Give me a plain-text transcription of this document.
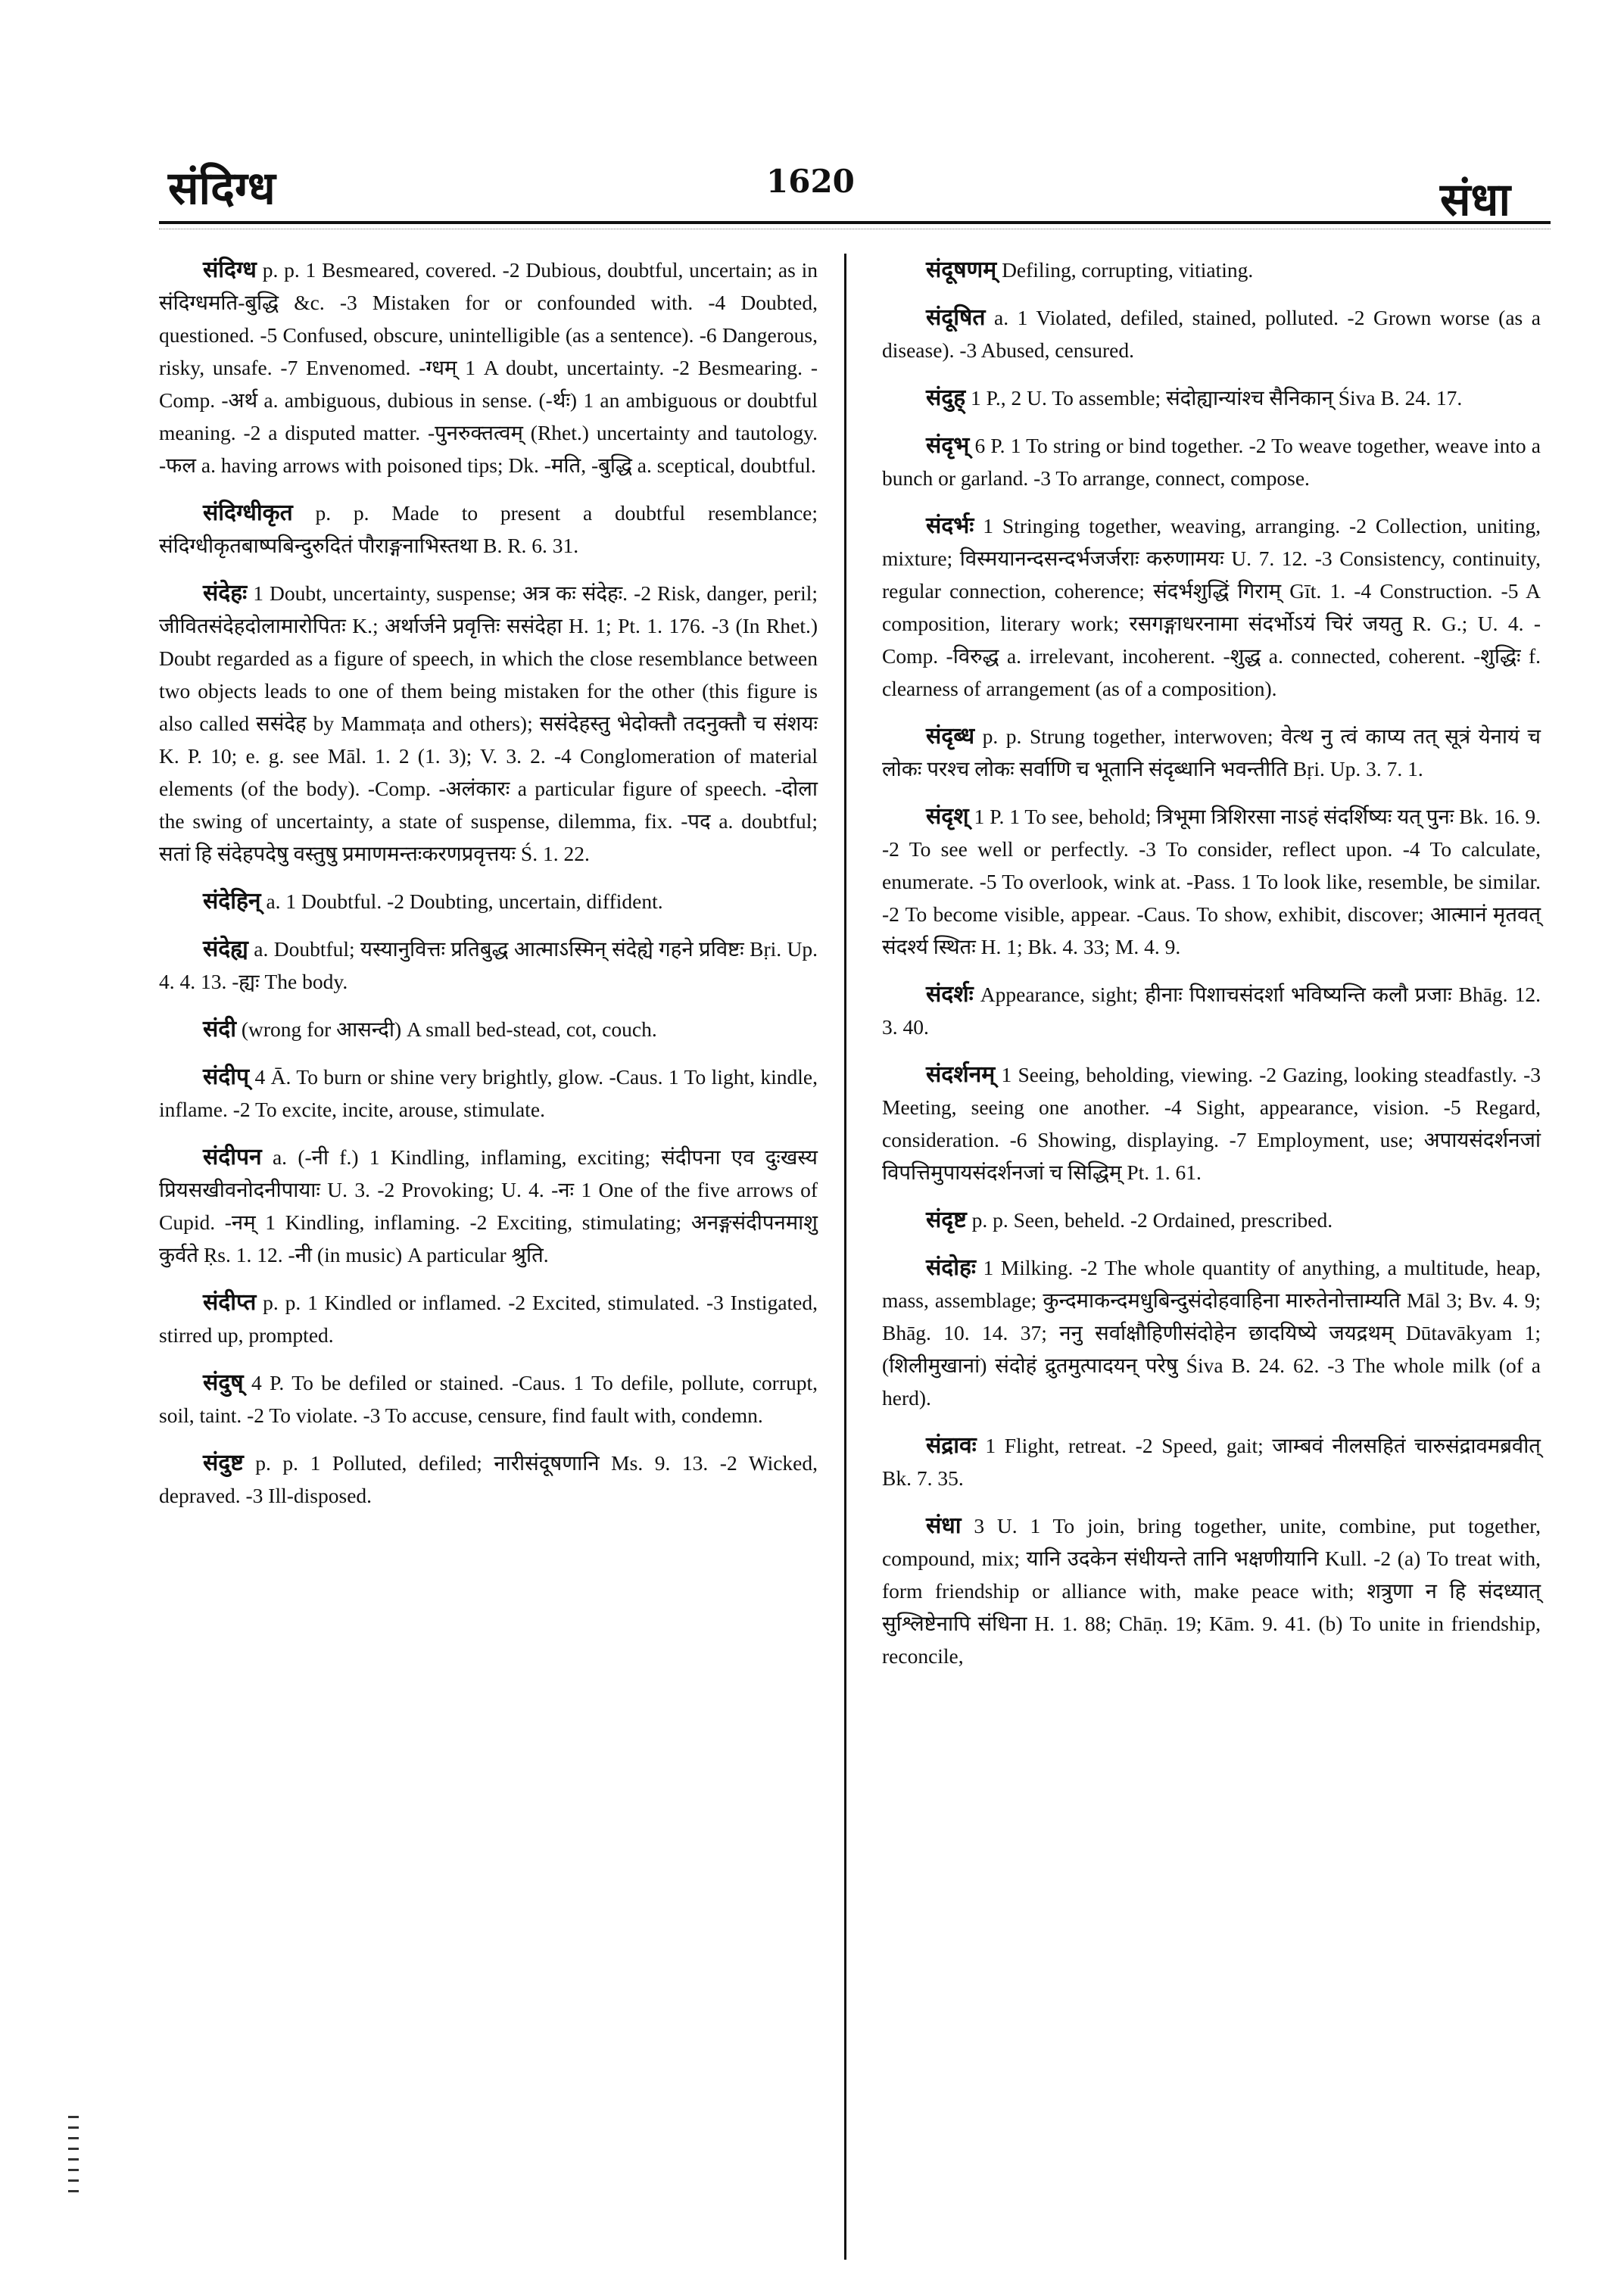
संदिग्ध	1620	संधा

संदिग्ध p. p. 1 Besmeared, covered. -2 Dubious, doubtful, uncertain; as in संदिग्धमति-बुद्धि &c. -3 Mistaken for or confounded with. -4 Doubted, questioned. -5 Confused, obscure, unintelligible (as a sentence). -6 Dangerous, risky, unsafe. -7 Envenomed. -ग्धम् 1 A doubt, uncertainty. -2 Besmearing. -Comp. -अर्थ a. ambiguous, dubious in sense. (-र्थः) 1 an ambiguous or doubtful meaning. -2 a disputed matter. -पुनरुक्तत्वम् (Rhet.) uncertainty and tautology. -फल a. having arrows with poisoned tips; Dk. -मति, -बुद्धि a. sceptical, doubtful.

संदिग्धीकृत p. p. Made to present a doubtful resemblance; संदिग्धीकृतबाष्पबिन्दुरुदितं पौराङ्गनाभिस्तथा B. R. 6. 31.

संदेहः 1 Doubt, uncertainty, suspense; अत्र कः संदेहः. -2 Risk, danger, peril; जीवितसंदेहदोलामारोपितः K.; अर्थार्जने प्रवृत्तिः ससंदेहा H. 1; Pt. 1. 176. -3 (In Rhet.) Doubt regarded as a figure of speech, in which the close resemblance between two objects leads to one of them being mistaken for the other (this figure is also called ससंदेह by Mammaṭa and others); ससंदेहस्तु भेदोक्तौ तदनुक्तौ च संशयः K. P. 10; e. g. see Māl. 1. 2 (1. 3); V. 3. 2. -4 Conglomeration of material elements (of the body). -Comp. -अलंकारः a particular figure of speech. -दोला the swing of uncertainty, a state of suspense, dilemma, fix. -पद a. doubtful; सतां हि संदेहपदेषु वस्तुषु प्रमाणमन्तःकरणप्रवृत्तयः Ś. 1. 22.

संदेहिन् a. 1 Doubtful. -2 Doubting, uncertain, diffident.

संदेह्य a. Doubtful; यस्यानुवित्तः प्रतिबुद्ध आत्माऽस्मिन् संदेह्ये गहने प्रविष्टः Bṛi. Up. 4. 4. 13. -ह्यः The body.

संदी (wrong for आसन्दी) A small bed-stead, cot, couch.

संदीप् 4 Ā. To burn or shine very brightly, glow. -Caus. 1 To light, kindle, inflame. -2 To excite, incite, arouse, stimulate.

संदीपन a. (-नी f.) 1 Kindling, inflaming, exciting; संदीपना एव दुःखस्य प्रियसखीवनोदनीपायाः U. 3. -2 Provoking; U. 4. -नः 1 One of the five arrows of Cupid. -नम् 1 Kindling, inflaming. -2 Exciting, stimulating; अनङ्गसंदीपनमाशु कुर्वते Ṛs. 1. 12. -नी (in music) A particular श्रुति.

संदीप्त p. p. 1 Kindled or inflamed. -2 Excited, stimulated. -3 Instigated, stirred up, prompted.

संदुष् 4 P. To be defiled or stained. -Caus. 1 To defile, pollute, corrupt, soil, taint. -2 To violate. -3 To accuse, censure, find fault with, condemn.

संदुष्ट p. p. 1 Polluted, defiled; नारीसंदूषणानि Ms. 9. 13. -2 Wicked, depraved. -3 Ill-disposed.

संदूषणम् Defiling, corrupting, vitiating.

संदूषित a. 1 Violated, defiled, stained, polluted. -2 Grown worse (as a disease). -3 Abused, censured.

संदुह् 1 P., 2 U. To assemble; संदोह्यान्यांश्च सैनिकान् Śiva B. 24. 17.

संदृभ् 6 P. 1 To string or bind together. -2 To weave together, weave into a bunch or garland. -3 To arrange, connect, compose.

संदर्भः 1 Stringing together, weaving, arranging. -2 Collection, uniting, mixture; विस्मयानन्दसन्दर्भजर्जराः करुणामयः U. 7. 12. -3 Consistency, continuity, regular connection, coherence; संदर्भशुद्धिं गिराम् Gīt. 1. -4 Construction. -5 A composition, literary work; रसगङ्गाधरनामा संदर्भोऽयं चिरं जयतु R. G.; U. 4. -Comp. -विरुद्ध a. irrelevant, incoherent. -शुद्ध a. connected, coherent. -शुद्धिः f. clearness of arrangement (as of a composition).

संदृब्ध p. p. Strung together, interwoven; वेत्थ नु त्वं काप्य तत् सूत्रं येनायं च लोकः परश्च लोकः सर्वाणि च भूतानि संदृब्धानि भवन्तीति Bṛi. Up. 3. 7. 1.

संदृश् 1 P. 1 To see, behold; त्रिभूमा त्रिशिरसा नाऽहं संदर्शिष्यः यत् पुनः Bk. 16. 9. -2 To see well or perfectly. -3 To consider, reflect upon. -4 To calculate, enumerate. -5 To overlook, wink at. -Pass. 1 To look like, resemble, be similar. -2 To become visible, appear. -Caus. To show, exhibit, discover; आत्मानं मृतवत् संदर्श्य स्थितः H. 1; Bk. 4. 33; M. 4. 9.

संदर्शः Appearance, sight; हीनाः पिशाचसंदर्शा भविष्यन्ति कलौ प्रजाः Bhāg. 12. 3. 40.

संदर्शनम् 1 Seeing, beholding, viewing. -2 Gazing, looking steadfastly. -3 Meeting, seeing one another. -4 Sight, appearance, vision. -5 Regard, consideration. -6 Showing, displaying. -7 Employment, use; अपायसंदर्शनजां विपत्तिमुपायसंदर्शनजां च सिद्धिम् Pt. 1. 61.

संदृष्ट p. p. Seen, beheld. -2 Ordained, prescribed.

संदोहः 1 Milking. -2 The whole quantity of anything, a multitude, heap, mass, assemblage; कुन्दमाकन्दमधुबिन्दुसंदोहवाहिना मारुतेनोत्ताम्यति Māl 3; Bv. 4. 9; Bhāg. 10. 14. 37; ननु सर्वाक्षौहिणीसंदोहेन छादयिष्ये जयद्रथम् Dūtavākyam 1; (शिलीमुखानां) संदोहं द्रुतमुत्पादयन् परेषु Śiva B. 24. 62. -3 The whole milk (of a herd).

संद्रावः 1 Flight, retreat. -2 Speed, gait; जाम्बवं नीलसहितं चारुसंद्रावमब्रवीत् Bk. 7. 35.

संधा 3 U. 1 To join, bring together, unite, combine, put together, compound, mix; यानि उदकेन संधीयन्ते तानि भक्षणीयानि Kull. -2 (a) To treat with, form friendship or alliance with, make peace with; शत्रुणा न हि संदध्यात् सुश्लिष्टेनापि संधिना H. 1. 88; Chāṇ. 19; Kām. 9. 41. (b) To unite in friendship, reconcile,
